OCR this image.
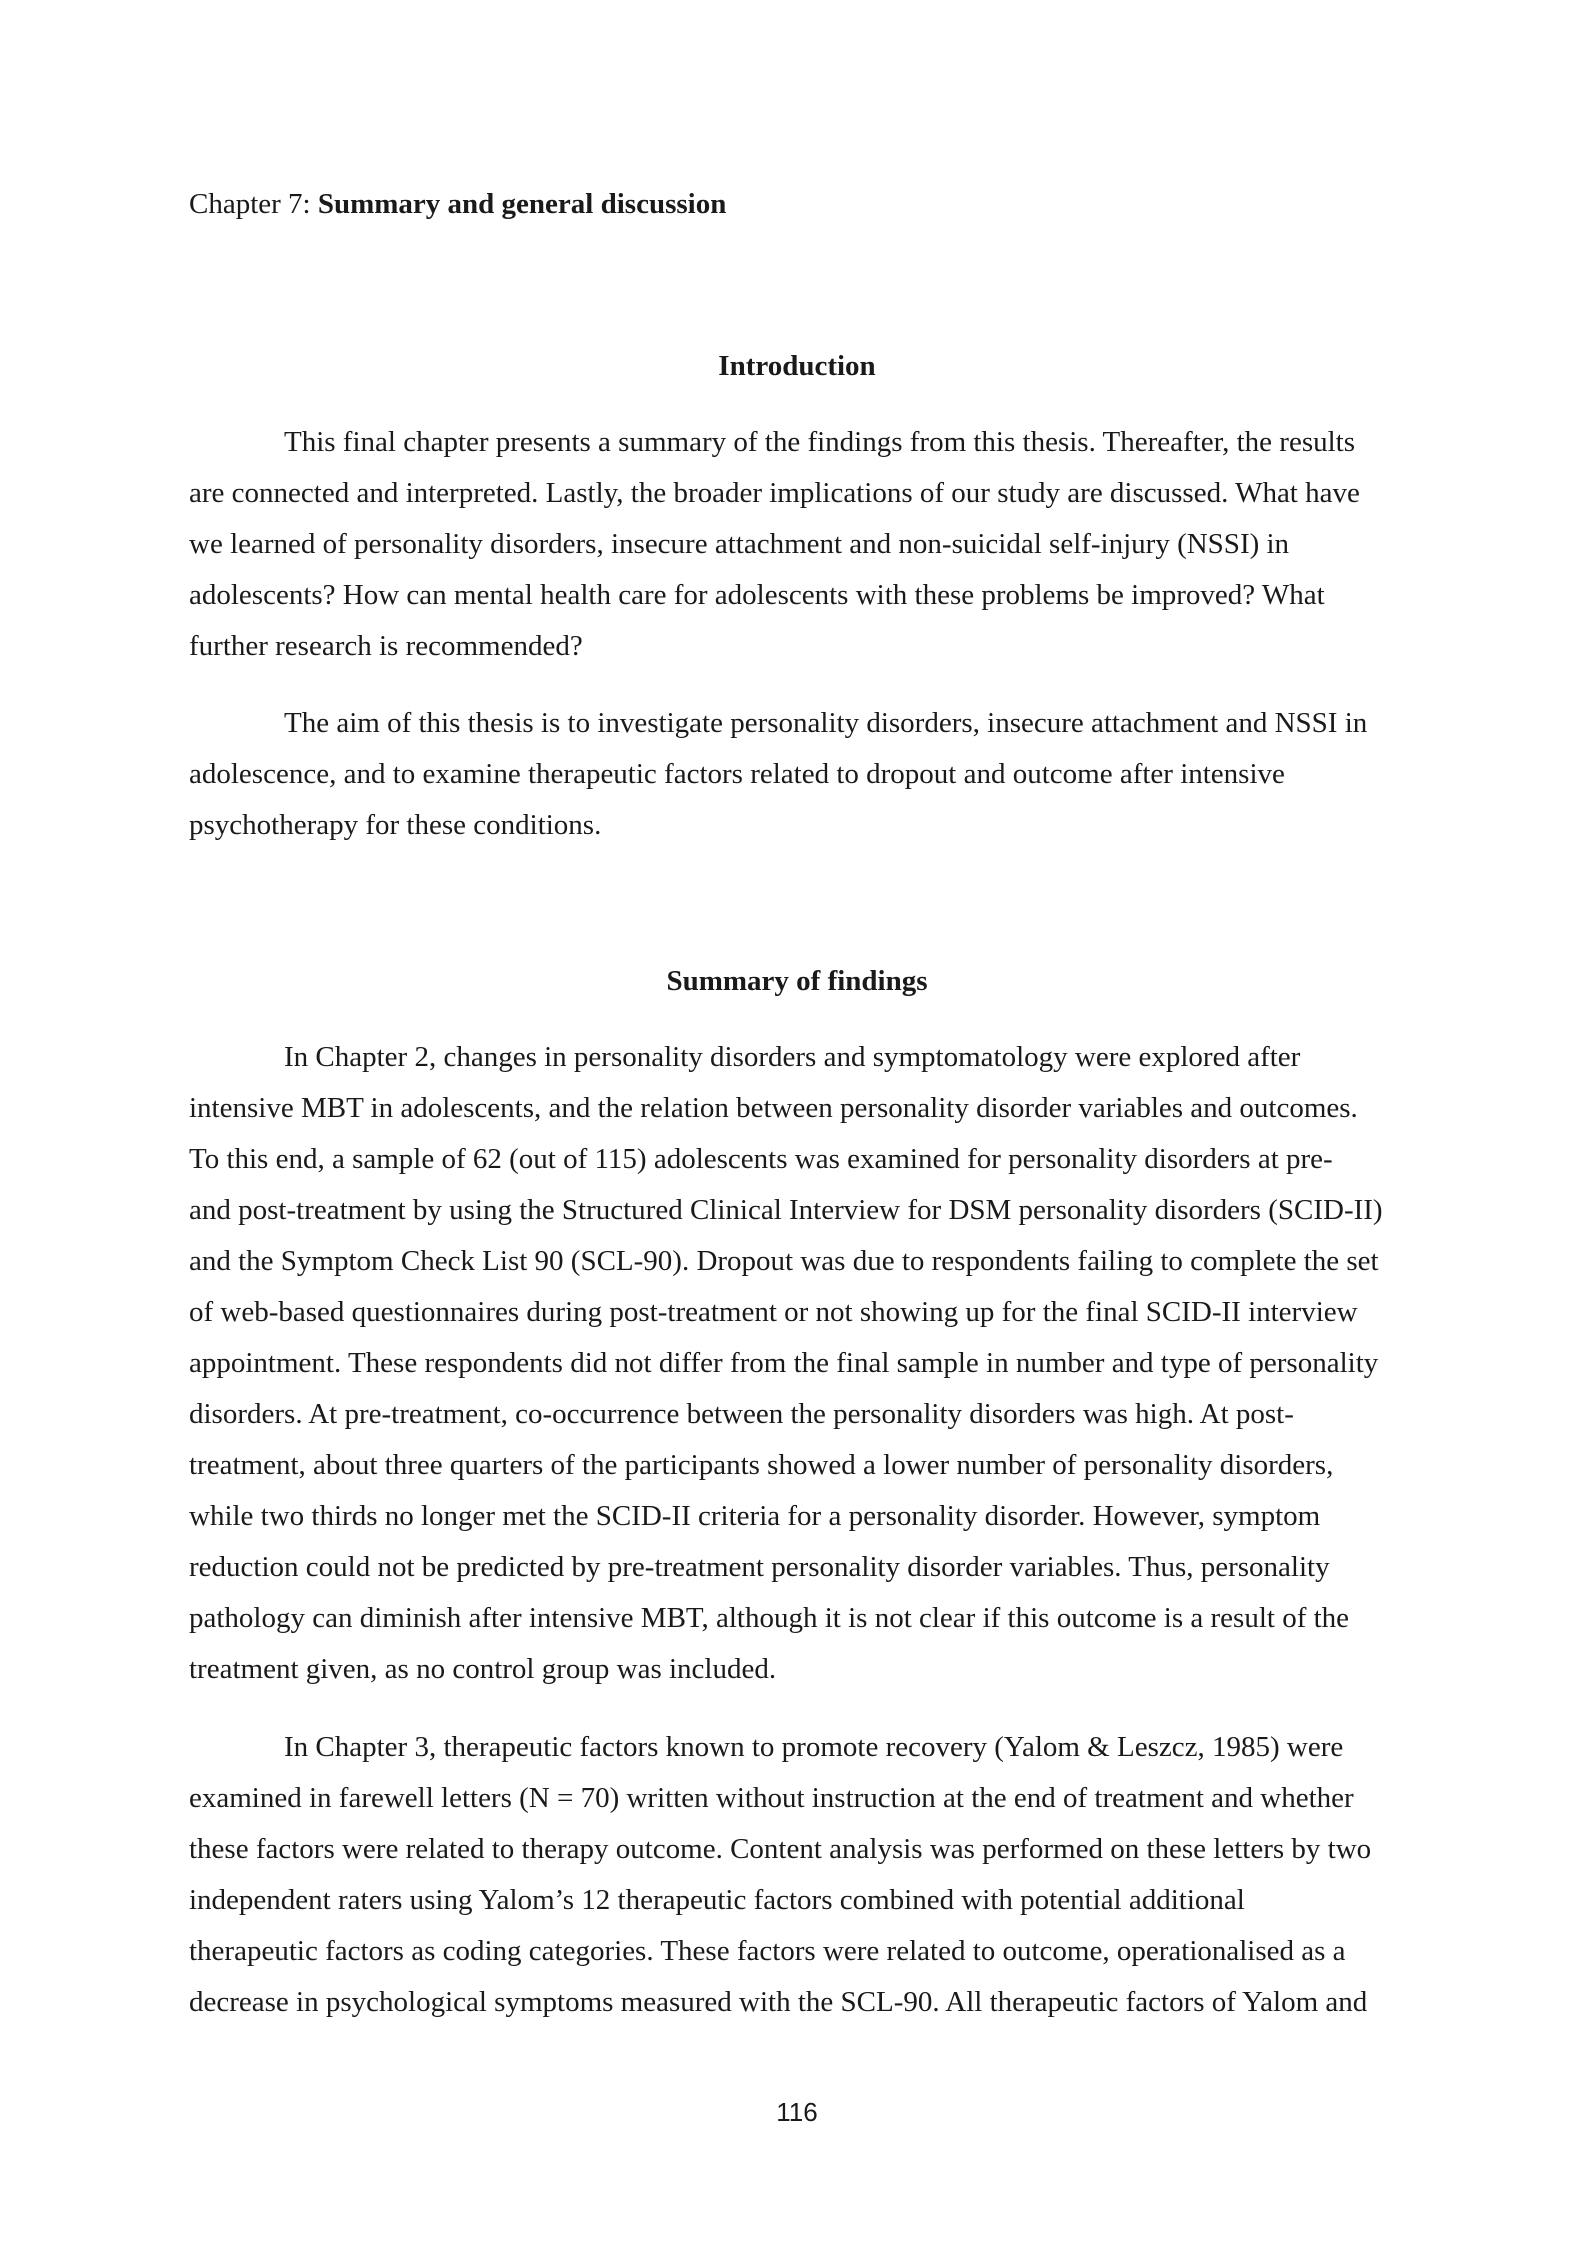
Chapter 7: Summary and general discussion
Introduction
This final chapter presents a summary of the findings from this thesis. Thereafter, the results
are connected and interpreted. Lastly, the broader implications of our study are discussed. What have
we learned of personality disorders, insecure attachment and non-suicidal self-injury (NSSI) in
adolescents? How can mental health care for adolescents with these problems be improved? What
further research is recommended?
The aim of this thesis is to investigate personality disorders, insecure attachment and NSSI in
adolescence, and to examine therapeutic factors related to dropout and outcome after intensive
psychotherapy for these conditions.
Summary of findings
In Chapter 2, changes in personality disorders and symptomatology were explored after
intensive MBT in adolescents, and the relation between personality disorder variables and outcomes.
To this end, a sample of 62 (out of 115) adolescents was examined for personality disorders at pre-
and post-treatment by using the Structured Clinical Interview for DSM personality disorders (SCID-II)
and the Symptom Check List 90 (SCL-90). Dropout was due to respondents failing to complete the set
of web-based questionnaires during post-treatment or not showing up for the final SCID-II interview
appointment. These respondents did not differ from the final sample in number and type of personality
disorders. At pre-treatment, co-occurrence between the personality disorders was high. At post-
treatment, about three quarters of the participants showed a lower number of personality disorders,
while two thirds no longer met the SCID-II criteria for a personality disorder. However, symptom
reduction could not be predicted by pre-treatment personality disorder variables. Thus, personality
pathology can diminish after intensive MBT, although it is not clear if this outcome is a result of the
treatment given, as no control group was included.
In Chapter 3, therapeutic factors known to promote recovery (Yalom & Leszcz, 1985) were
examined in farewell letters (N = 70) written without instruction at the end of treatment and whether
these factors were related to therapy outcome. Content analysis was performed on these letters by two
independent raters using Yalom’s 12 therapeutic factors combined with potential additional
therapeutic factors as coding categories. These factors were related to outcome, operationalised as a
decrease in psychological symptoms measured with the SCL-90. All therapeutic factors of Yalom and
116
